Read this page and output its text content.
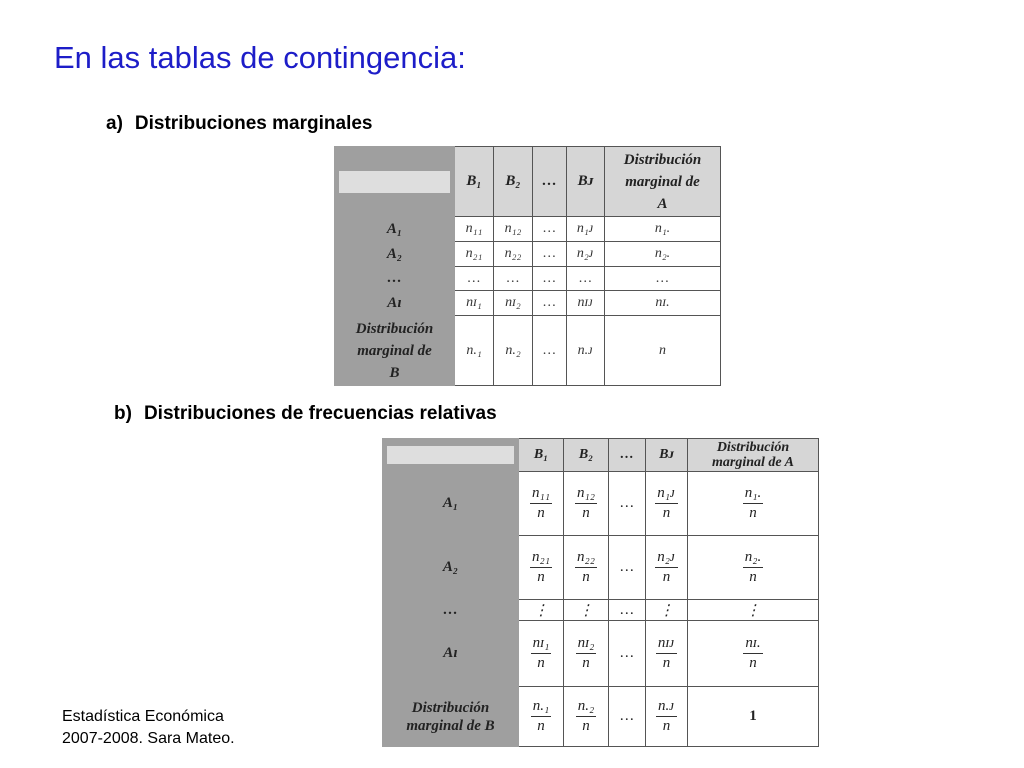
En las tablas de contingencia:
a) Distribuciones marginales
	B₁	B₂	…	Bᴊ	Distribución
marginal de
A

A₁	n₁₁	n₁₂	…	n₁ᴊ	n₁.
A₂	n₂₁	n₂₂	…	n₂ᴊ	n₂.
…	…	…	…	…	…
Aɪ	nɪ₁	nɪ₂	…	nɪᴊ	nɪ.

Distribución
marginal de
B	n.₁	n.₂	…	n.ᴊ	n
b) Distribuciones de frecuencias relativas
	B₁	B₂	…	Bᴊ	Distribución
marginal de A

A₁	$\frac{\text{n₁₁}}{n}$	$\frac{\text{n₁₂}}{n}$	…	$\frac{\text{n₁ᴊ}}{n}$	$\frac{\text{n₁.}}{n}$

A₂	$\frac{\text{n₂₁}}{n}$	$\frac{\text{n₂₂}}{n}$	…	$\frac{\text{n₂ᴊ}}{n}$	$\frac{\text{n₂.}}{n}$

…	⋮	⋮	…	⋮	⋮
Aɪ	$\frac{\text{nɪ₁}}{n}$	$\frac{\text{nɪ₂}}{n}$	…	$\frac{\text{nɪᴊ}}{n}$	$\frac{\text{nɪ.}}{n}$

Distribución
marginal de B	$\frac{\text{n.₁}}{n}$	$\frac{\text{n.₂}}{n}$	…	$\frac{\text{n.ᴊ}}{n}$	1
Estadística Económica
2007-2008. Sara Mateo.
